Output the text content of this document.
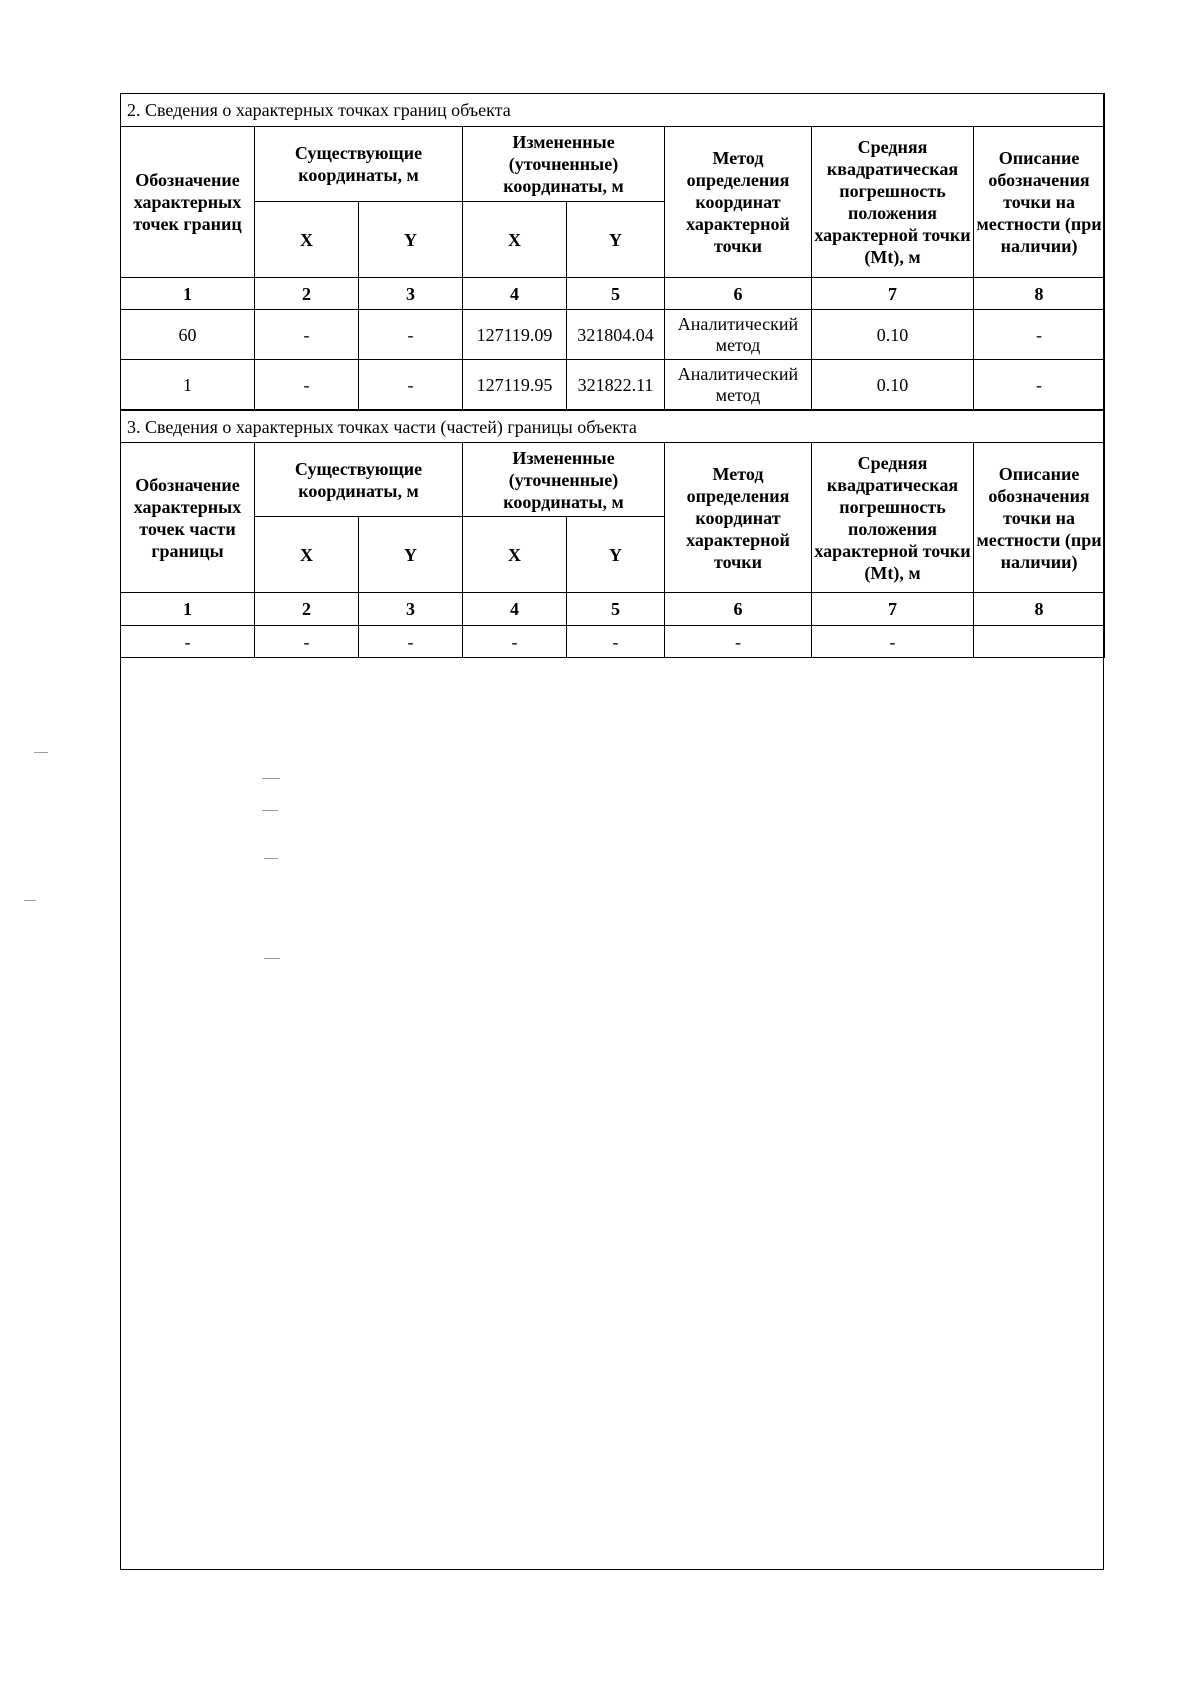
2. Сведения о характерных точках границ объекта							
Обозначение характерных точек границ	Существующие координаты, м		Измененные (уточненные) координаты, м		Метод определения координат характерной точки	Средняя квадратическая погрешность положения характерной точки (Mt), м	Описание обозначения точки на местности (при наличии)
	X	Y	X	Y			
1	2	3	4	5	6	7	8
60	-	-	127119.09	321804.04	Аналитический метод	0.10	-
1	-	-	127119.95	321822.11	Аналитический метод	0.10	-
3. Сведения о характерных точках части (частей) границы объекта							
Обозначение характерных точек части границы	Существующие координаты, м		Измененные (уточненные) координаты, м		Метод определения координат характерной точки	Средняя квадратическая погрешность положения характерной точки (Mt), м	Описание обозначения точки на местности (при наличии)
	X	Y	X	Y			
1	2	3	4	5	6	7	8
-	-	-	-	-	-	-	
